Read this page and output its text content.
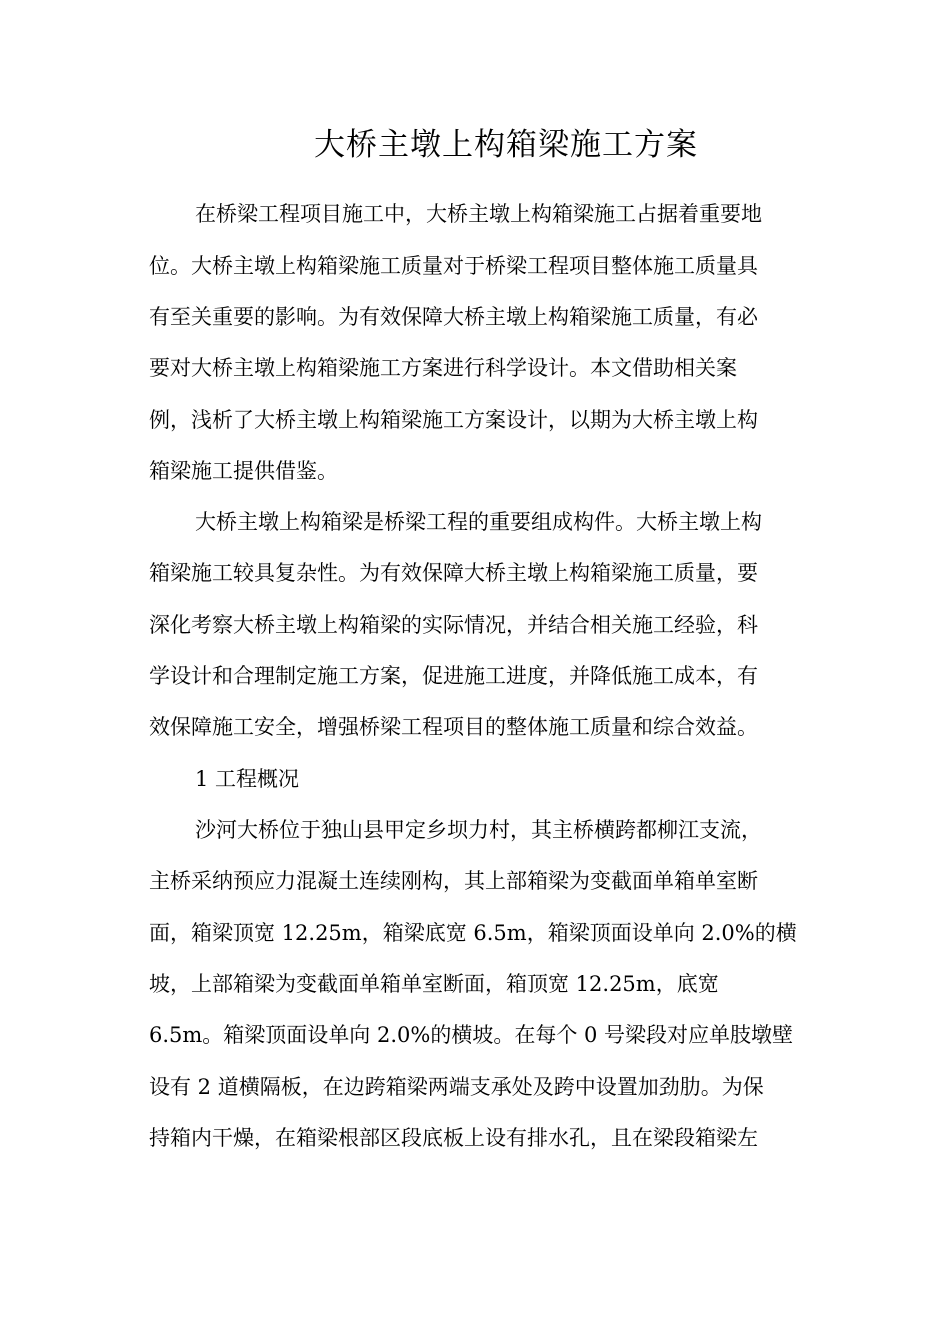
大桥主墩上构箱梁施工方案

在桥梁工程项目施工中，大桥主墩上构箱梁施工占据着重要地

位。大桥主墩上构箱梁施工质量对于桥梁工程项目整体施工质量具

有至关重要的影响。为有效保障大桥主墩上构箱梁施工质量，有必

要对大桥主墩上构箱梁施工方案进行科学设计。本文借助相关案

例，浅析了大桥主墩上构箱梁施工方案设计，以期为大桥主墩上构

箱梁施工提供借鉴。

大桥主墩上构箱梁是桥梁工程的重要组成构件。大桥主墩上构

箱梁施工较具复杂性。为有效保障大桥主墩上构箱梁施工质量，要

深化考察大桥主墩上构箱梁的实际情况，并结合相关施工经验，科

学设计和合理制定施工方案，促进施工进度，并降低施工成本，有

效保障施工安全，增强桥梁工程项目的整体施工质量和综合效益。

1 工程概况

沙河大桥位于独山县甲定乡坝力村，其主桥横跨都柳江支流，

主桥采纳预应力混凝土连续刚构，其上部箱梁为变截面单箱单室断

面，箱梁顶宽 12.25m，箱梁底宽 6.5m，箱梁顶面设单向 2.0%的横

坡，上部箱梁为变截面单箱单室断面，箱顶宽 12.25m，底宽

6.5m。箱梁顶面设单向 2.0%的横坡。在每个 0 号梁段对应单肢墩壁

设有 2 道横隔板，在边跨箱梁两端支承处及跨中设置加劲肋。为保

持箱内干燥，在箱梁根部区段底板上设有排水孔，且在梁段箱梁左
